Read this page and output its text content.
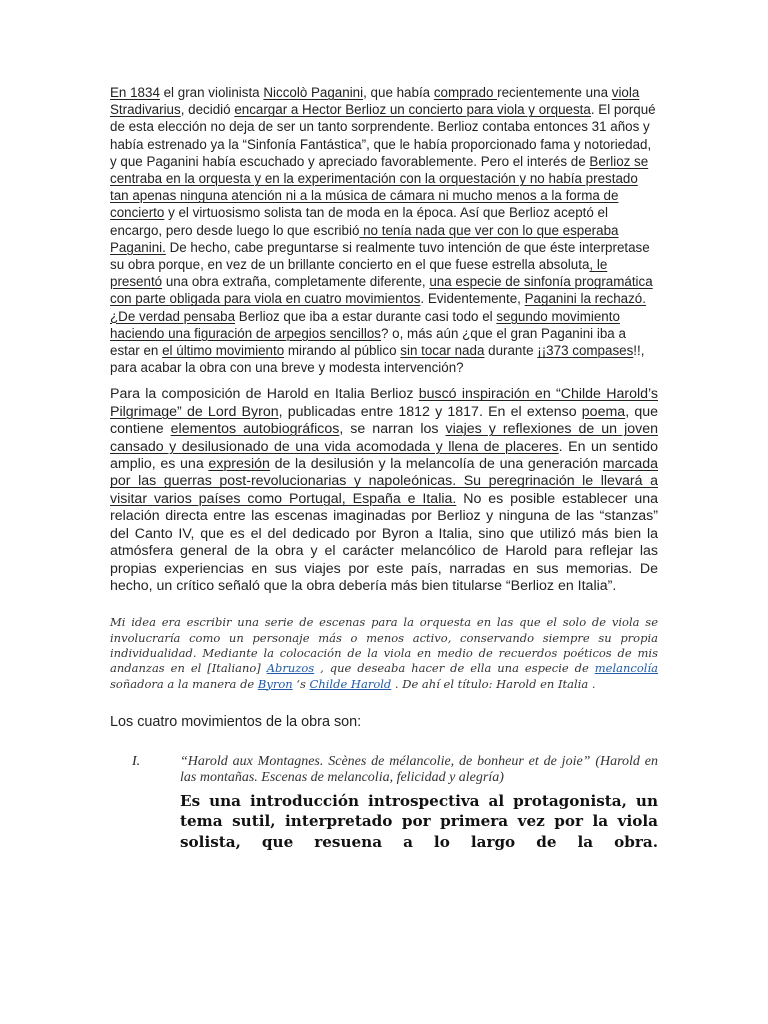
En 1834 el gran violinista Niccolò Paganini, que había comprado recientemente una viola Stradivarius, decidió encargar a Hector Berlioz un concierto para viola y orquesta. El porqué de esta elección no deja de ser un tanto sorprendente. Berlioz contaba entonces 31 años y había estrenado ya la “Sinfonía Fantástica”, que le había proporcionado fama y notoriedad, y que Paganini había escuchado y apreciado favorablemente. Pero el interés de Berlioz se centraba en la orquesta y en la experimentación con la orquestación y no había prestado tan apenas ninguna atención ni a la música de cámara ni mucho menos a la forma de concierto y el virtuosismo solista tan de moda en la época. Así que Berlioz aceptó el encargo, pero desde luego lo que escribió no tenía nada que ver con lo que esperaba Paganini. De hecho, cabe preguntarse si realmente tuvo intención de que éste interpretase su obra porque, en vez de un brillante concierto en el que fuese estrella absoluta, le presentó una obra extraña, completamente diferente, una especie de sinfonía programática con parte obligada para viola en cuatro movimientos. Evidentemente, Paganini la rechazó. ¿De verdad pensaba Berlioz que iba a estar durante casi todo el segundo movimiento haciendo una figuración de arpegios sencillos? o, más aún ¿que el gran Paganini iba a estar en el último movimiento mirando al público sin tocar nada durante ¡¡373 compases!!, para acabar la obra con una breve y modesta intervención?

Para la composición de Harold en Italia Berlioz buscó inspiración en “Childe Harold’s Pilgrimage” de Lord Byron, publicadas entre 1812 y 1817. En el extenso poema, que contiene elementos autobiográficos, se narran los viajes y reflexiones de un joven cansado y desilusionado de una vida acomodada y llena de placeres. En un sentido amplio, es una expresión de la desilusión y la melancolía de una generación marcada por las guerras post-revolucionarias y napoleónicas. Su peregrinación le llevará a visitar varios países como Portugal, España e Italia. No es posible establecer una relación directa entre las escenas imaginadas por Berlioz y ninguna de las “stanzas” del Canto IV, que es el del dedicado por Byron a Italia, sino que utilizó más bien la atmósfera general de la obra y el carácter melancólico de Harold para reflejar las propias experiencias en sus viajes por este país, narradas en sus memorias. De hecho, un crítico señaló que la obra debería más bien titularse “Berlioz en Italia”.

Mi idea era escribir una serie de escenas para la orquesta en las que el solo de viola se involucraría como un personaje más o menos activo, conservando siempre su propia individualidad. Mediante la colocación de la viola en medio de recuerdos poéticos de mis andanzas en el [Italiano] Abruzos , que deseaba hacer de ella una especie de melancolía soñadora a la manera de Byron ‘s Childe Harold . De ahí el título: Harold en Italia .

Los cuatro movimientos de la obra son:

I.	“Harold aux Montagnes. Scènes de mélancolie, de bonheur et de joie” (Harold en las montañas. Escenas de melancolia, felicidad y alegría)

Es una introducción introspectiva al protagonista, un tema sutil, interpretado por primera vez por la viola solista, que resuena a lo largo de la obra.
